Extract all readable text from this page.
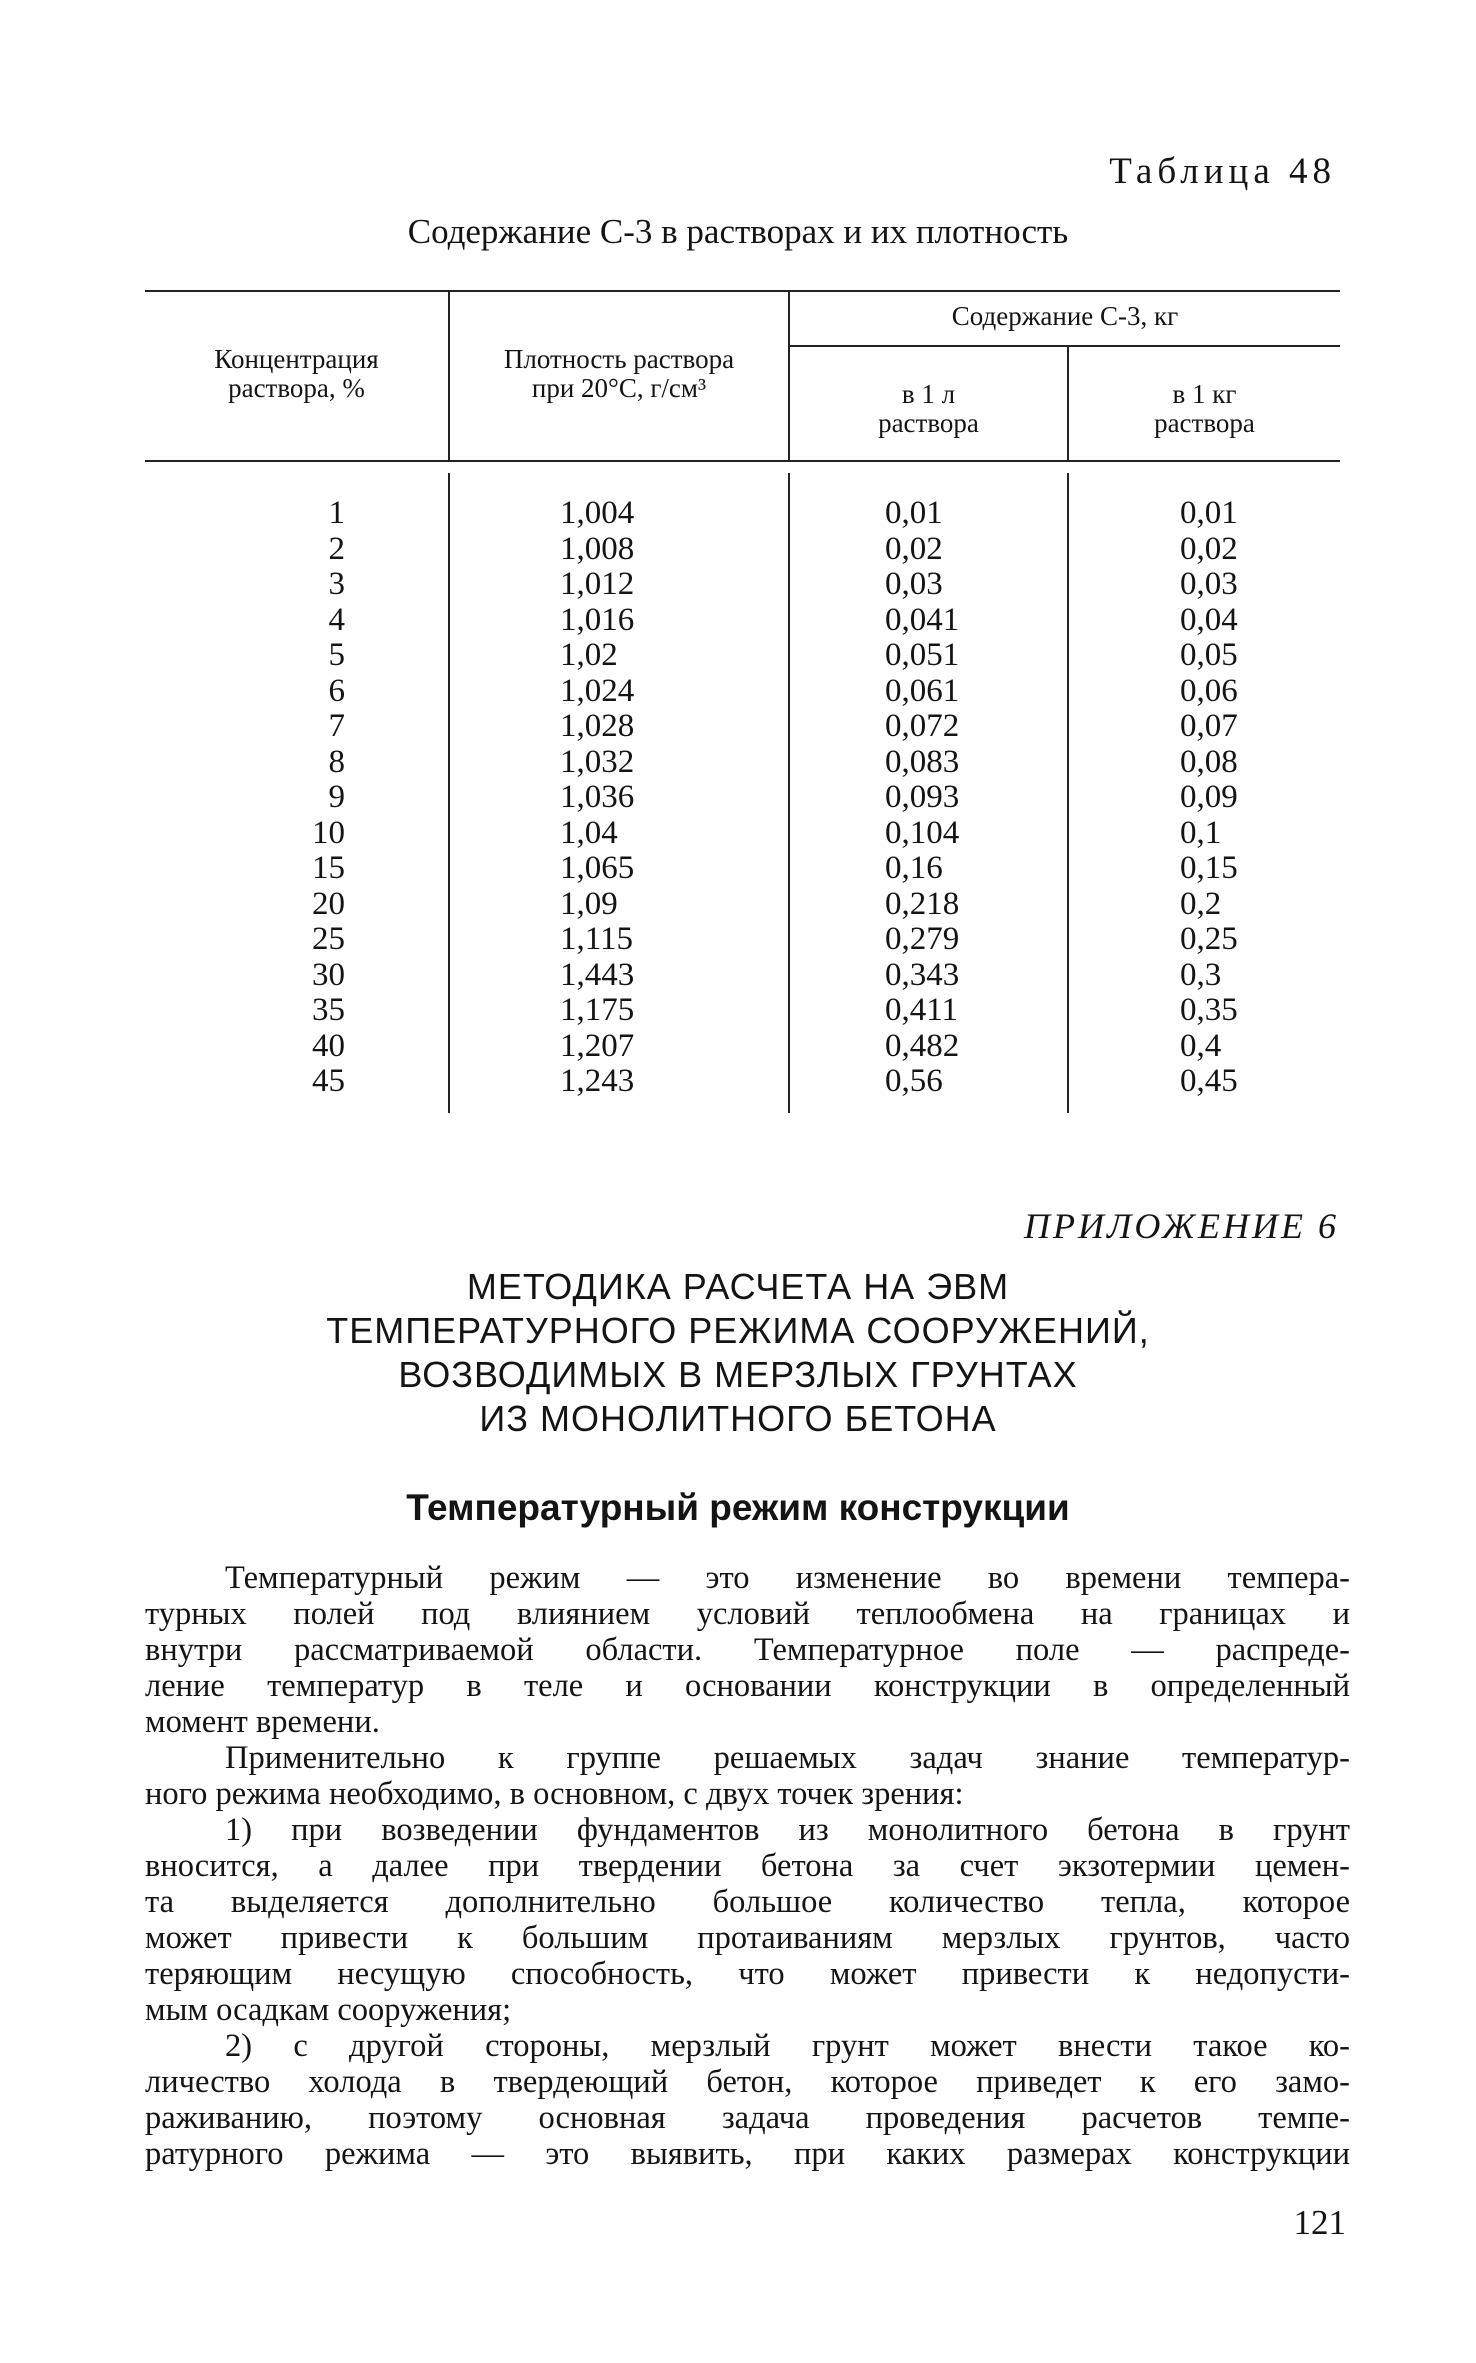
Таблица 48
Содержание С-3 в растворах и их плотность
Концентрация
раствора, %
Плотность раствора
при 20°С, г/см³
Содержание С-3, кг
в 1 л
раствора
в 1 кг
раствора
1
2
3
4
5
6
7
8
9
10
15
20
25
30
35
40
45
1,004
1,008
1,012
1,016
1,02
1,024
1,028
1,032
1,036
1,04
1,065
1,09
1,115
1,443
1,175
1,207
1,243
0,01
0,02
0,03
0,041
0,051
0,061
0,072
0,083
0,093
0,104
0,16
0,218
0,279
0,343
0,411
0,482
0,56
0,01
0,02
0,03
0,04
0,05
0,06
0,07
0,08
0,09
0,1
0,15
0,2
0,25
0,3
0,35
0,4
0,45
ПРИЛОЖЕНИЕ 6
МЕТОДИКА РАСЧЕТА НА ЭВМ
ТЕМПЕРАТУРНОГО РЕЖИМА СООРУЖЕНИЙ,
ВОЗВОДИМЫХ В МЕРЗЛЫХ ГРУНТАХ
ИЗ МОНОЛИТНОГО БЕТОНА
Температурный режим конструкции
Температурный режим — это изменение во времени темпера-
турных полей под влиянием условий теплообмена на границах и
внутри рассматриваемой области. Температурное поле — распреде-
ление температур в теле и основании конструкции в определенный
момент времени.
Применительно к группе решаемых задач знание температур-
ного режима необходимо, в основном, с двух точек зрения:
1) при возведении фундаментов из монолитного бетона в грунт
вносится, а далее при твердении бетона за счет экзотермии цемен-
та выделяется дополнительно большое количество тепла, которое
может привести к большим протаиваниям мерзлых грунтов, часто
теряющим несущую способность, что может привести к недопусти-
мым осадкам сооружения;
2) с другой стороны, мерзлый грунт может внести такое ко-
личество холода в твердеющий бетон, которое приведет к его замо-
раживанию, поэтому основная задача проведения расчетов темпе-
ратурного режима — это выявить, при каких размерах конструкции
121
